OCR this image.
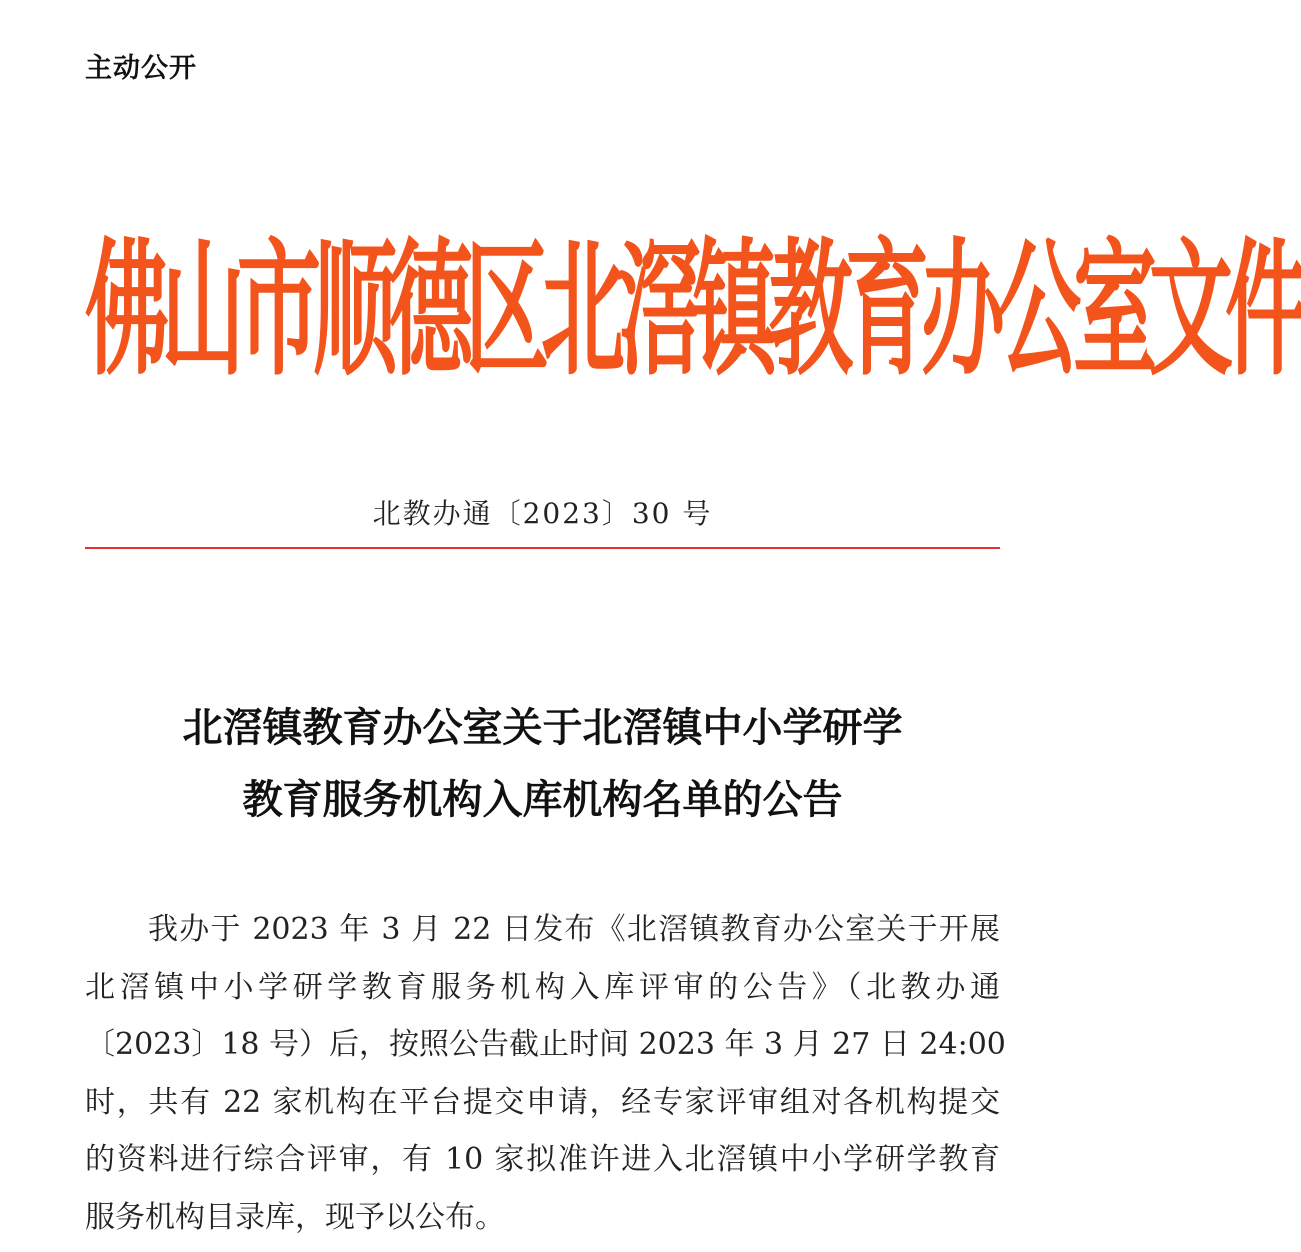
主动公开
佛山市顺德区北滘镇教育办公室文件
北教办通〔2023〕30 号
北滘镇教育办公室关于北滘镇中小学研学
教育服务机构入库机构名单的公告
我办于 2023 年 3 月 22 日发布《北滘镇教育办公室关于开展
北滘镇中小学研学教育服务机构入库评审的公告》（北教办通
〔2023〕18 号）后，按照公告截止时间 2023 年 3 月 27 日 24:00
时，共有 22 家机构在平台提交申请，经专家评审组对各机构提交
的资料进行综合评审，有 10 家拟准许进入北滘镇中小学研学教育
服务机构目录库，现予以公布。
